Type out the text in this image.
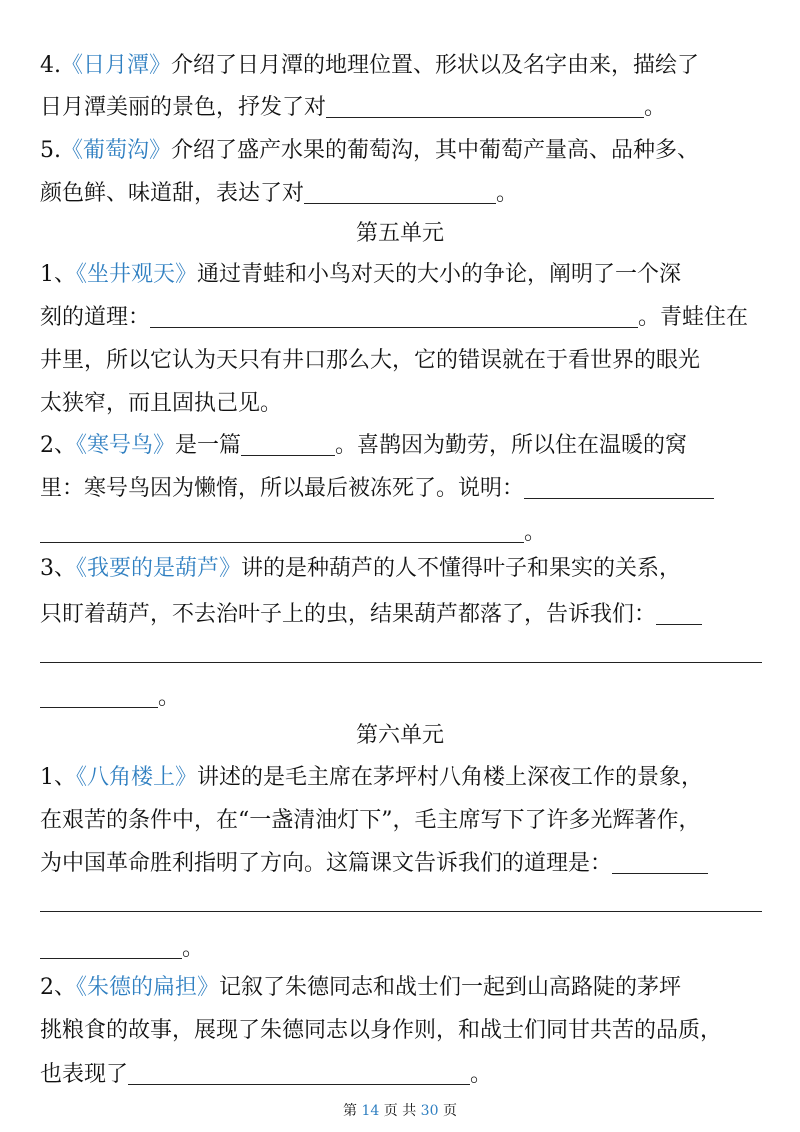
4.《日月潭》介绍了日月潭的地理位置、形状以及名字由来，描绘了
日月潭美丽的景色，抒发了对	。
5.《葡萄沟》介绍了盛产水果的葡萄沟，其中葡萄产量高、品种多、
颜色鲜、味道甜，表达了对	。
第五单元
1、《坐井观天》通过青蛙和小鸟对天的大小的争论，阐明了一个深
刻的道理：	。青蛙住在
井里，所以它认为天只有井口那么大，它的错误就在于看世界的眼光
太狭窄，而且固执己见。
2、《寒号鸟》是一篇	。喜鹊因为勤劳，所以住在温暖的窝
里：寒号鸟因为懒惰，所以最后被冻死了。说明：
。
3、《我要的是葫芦》讲的是种葫芦的人不懂得叶子和果实的关系，
只盯着葫芦，不去治叶子上的虫，结果葫芦都落了，告诉我们：
。
第六单元
1、《八角楼上》讲述的是毛主席在茅坪村八角楼上深夜工作的景象，
在艰苦的条件中，在“一盏清油灯下”，毛主席写下了许多光辉著作，
为中国革命胜利指明了方向。这篇课文告诉我们的道理是：
。
2、《朱德的扁担》记叙了朱德同志和战士们一起到山高路陡的茅坪
挑粮食的故事，展现了朱德同志以身作则，和战士们同甘共苦的品质，
也表现了	。
第 14 页 共 30 页
